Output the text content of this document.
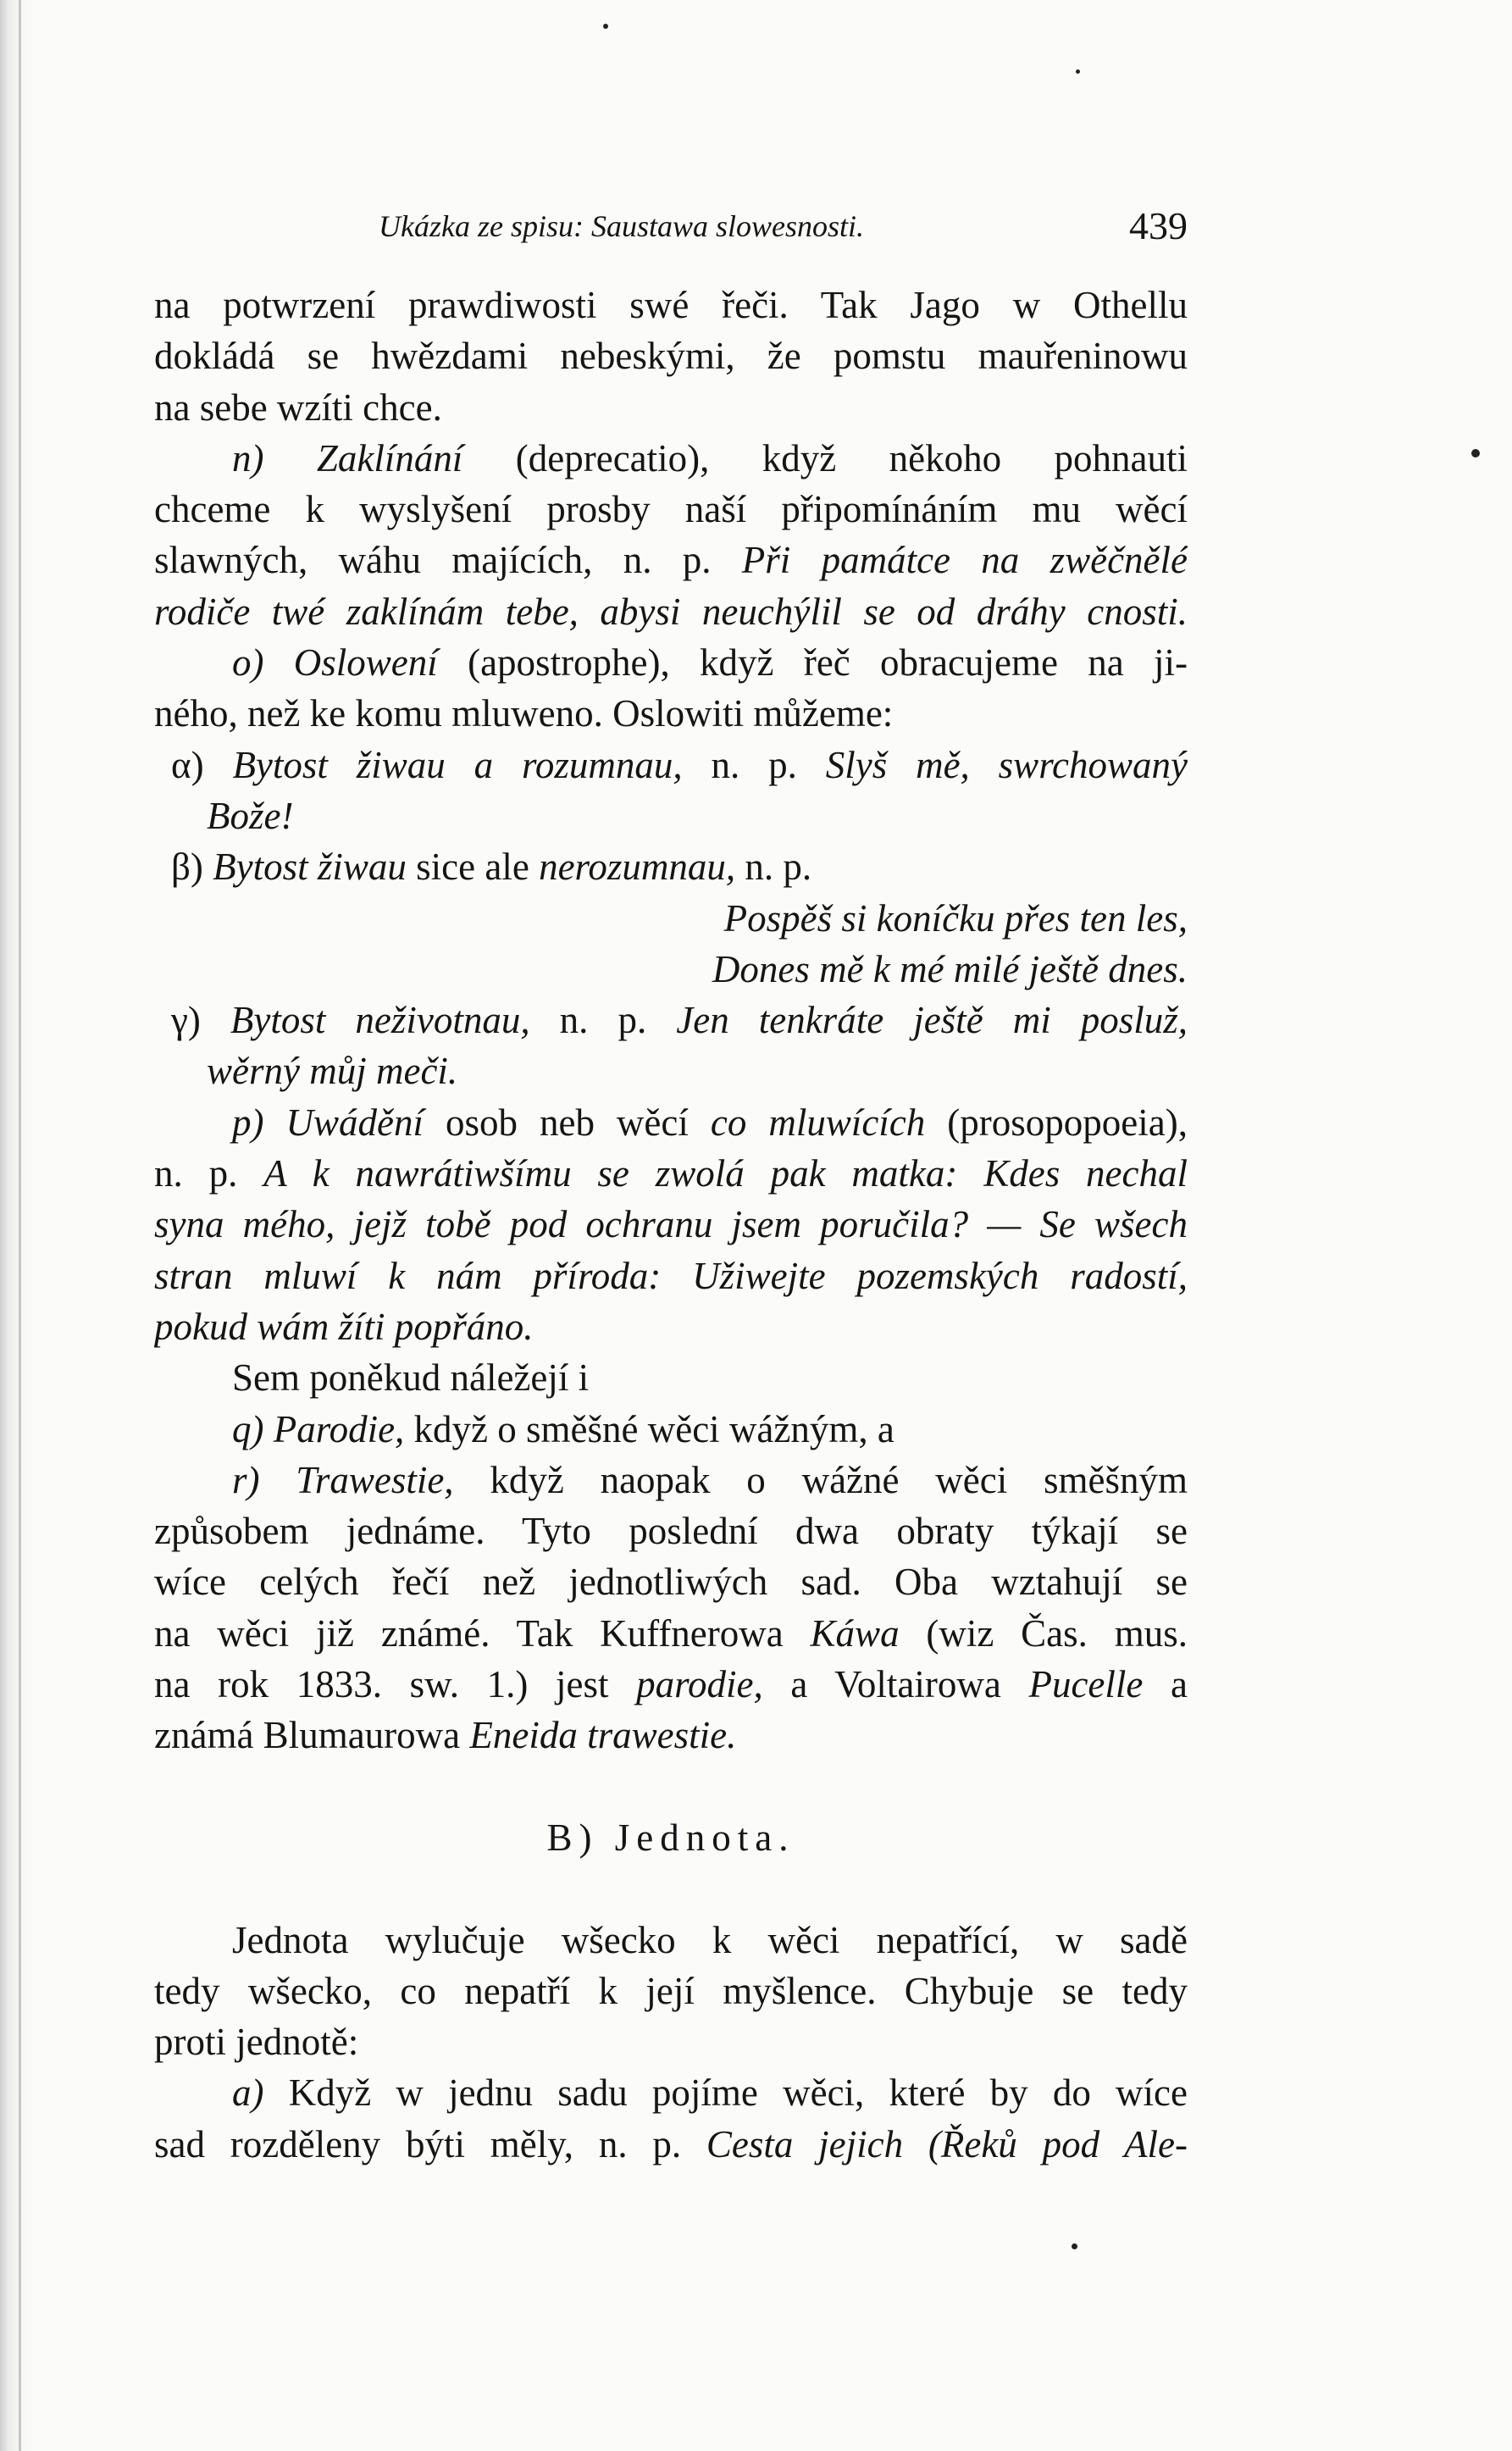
Ukázka ze spisu: Saustawa slowesnosti.	439
na potwrzení prawdiwosti swé řeči. Tak Jago w Othellu
dokládá se hwězdami nebeskými, že pomstu mauřeninowu
na sebe wzíti chce.
n) Zaklínání (deprecatio), když někoho pohnauti
chceme k wyslyšení prosby naší připomínáním mu wěcí
slawných, wáhu majících, n. p. Při památce na zwěčnělé
rodiče twé zaklínám tebe, abysi neuchýlil se od dráhy cnosti.
o) Oslowení (apostrophe), když řeč obracujeme na ji-
ného, než ke komu mluweno. Oslowiti můžeme:
α) Bytost žiwau a rozumnau, n. p. Slyš mě, swrchowaný
Bože!
β) Bytost žiwau sice ale nerozumnau, n. p.
Pospěš si koníčku přes ten les,
Dones mě k mé milé ještě dnes.
γ) Bytost neživotnau, n. p. Jen tenkráte ještě mi posluž,
wěrný můj meči.
p) Uwádění osob neb wěcí co mluwících (prosopopoeia),
n. p. A k nawrátiwšímu se zwolá pak matka: Kdes nechal
syna mého, jejž tobě pod ochranu jsem poručila? — Se wšech
stran mluwí k nám příroda: Užiwejte pozemských radostí,
pokud wám žíti popřáno.
Sem poněkud náležejí i
q) Parodie, když o směšné wěci wážným, a
r) Trawestie, když naopak o wážné wěci směšným
způsobem jednáme. Tyto poslední dwa obraty týkají se
wíce celých řečí než jednotliwých sad. Oba wztahují se
na wěci již známé. Tak Kuffnerowa Káwa (wiz Čas. mus.
na rok 1833. sw. 1.) jest parodie, a Voltairowa Pucelle a
známá Blumaurowa Eneida trawestie.

B) Jednota.

Jednota wylučuje wšecko k wěci nepatřící, w sadě
tedy wšecko, co nepatří k její myšlence. Chybuje se tedy
proti jednotě:
a) Když w jednu sadu pojíme wěci, které by do wíce
sad rozděleny býti měly, n. p. Cesta jejich (Řeků pod Ale-
